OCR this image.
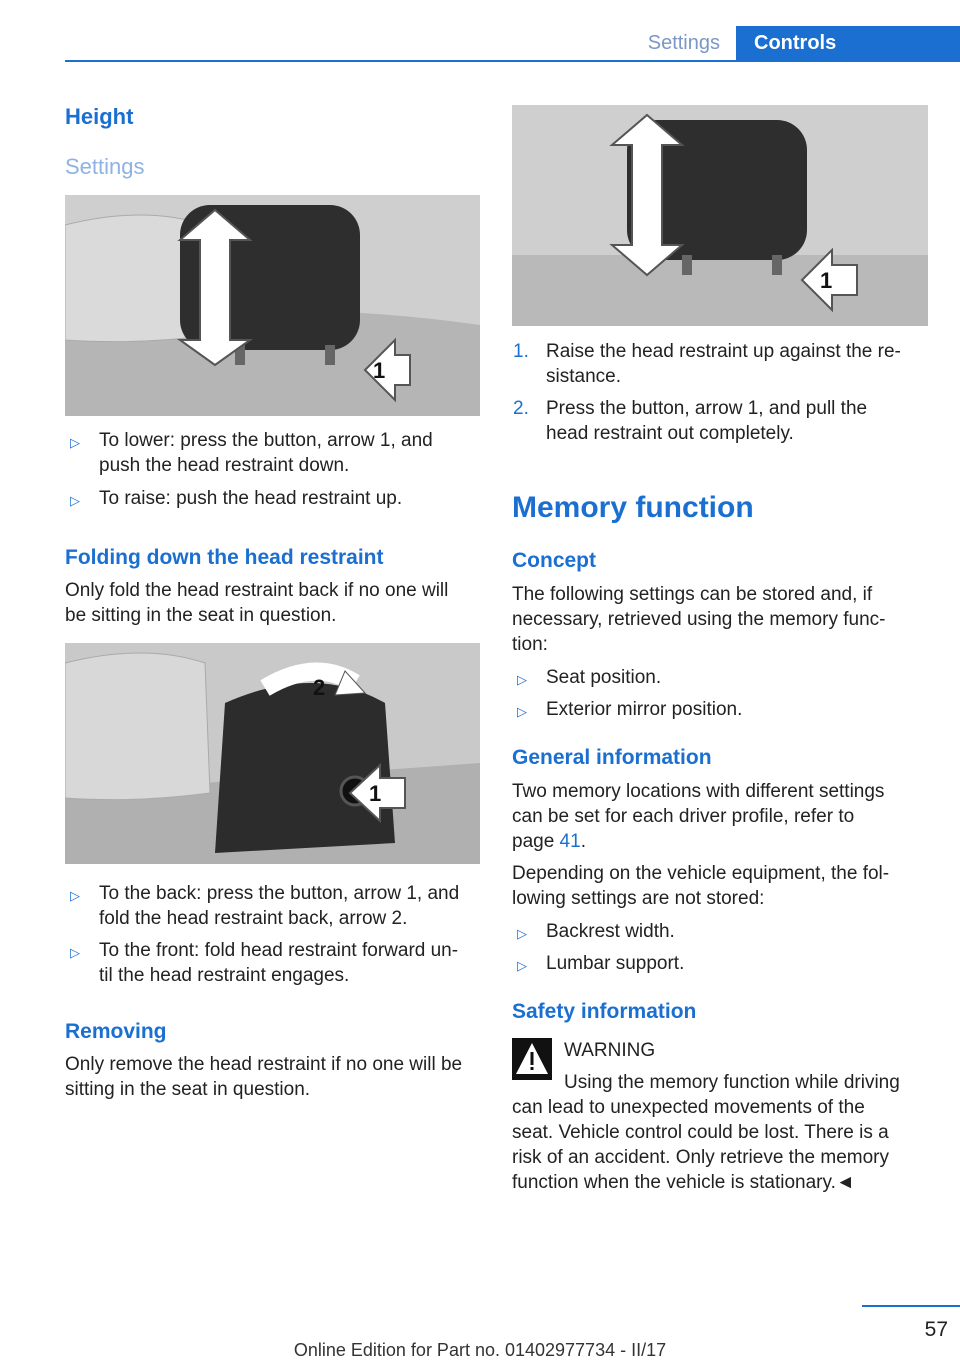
Settings	Controls
Height
Settings
1
▷ To lower: press the button, arrow 1, and
push the head restraint down.
▷ To raise: push the head restraint up.
Folding down the head restraint
Only fold the head restraint back if no one will
be sitting in the seat in question.
2
1
▷ To the back: press the button, arrow 1, and
fold the head restraint back, arrow 2.
▷ To the front: fold head restraint forward un‐
til the head restraint engages.
Removing
Only remove the head restraint if no one will be
sitting in the seat in question.
1
1. Raise the head restraint up against the re‐
sistance.
2. Press the button, arrow 1, and pull the
head restraint out completely.
Memory function
Concept
The following settings can be stored and, if
necessary, retrieved using the memory func‐
tion:
▷ Seat position.
▷ Exterior mirror position.
General information
Two memory locations with different settings
can be set for each driver profile, refer to
page 41.
Depending on the vehicle equipment, the fol‐
lowing settings are not stored:
▷ Backrest width.
▷ Lumbar support.
Safety information
WARNING
Using the memory function while driving
can lead to unexpected movements of the
seat. Vehicle control could be lost. There is a
risk of an accident. Only retrieve the memory
function when the vehicle is stationary.◄
57
Online Edition for Part no. 01402977734 - II/17
